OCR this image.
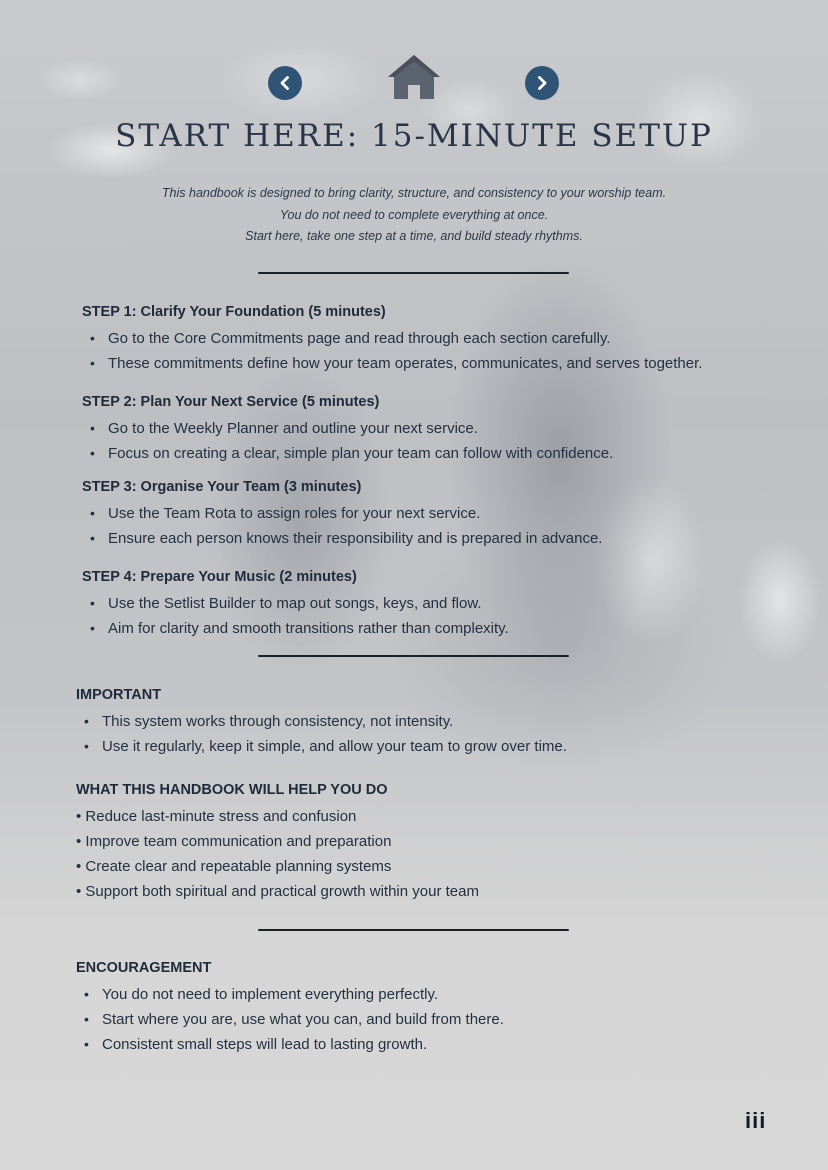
START HERE: 15-MINUTE SETUP
This handbook is designed to bring clarity, structure, and consistency to your worship team.
You do not need to complete everything at once.
Start here, take one step at a time, and build steady rhythms.
STEP 1: Clarify Your Foundation (5 minutes)
• Go to the Core Commitments page and read through each section carefully.
• These commitments define how your team operates, communicates, and serves together.
STEP 2: Plan Your Next Service (5 minutes)
• Go to the Weekly Planner and outline your next service.
• Focus on creating a clear, simple plan your team can follow with confidence.
STEP 3: Organise Your Team (3 minutes)
• Use the Team Rota to assign roles for your next service.
• Ensure each person knows their responsibility and is prepared in advance.
STEP 4: Prepare Your Music (2 minutes)
• Use the Setlist Builder to map out songs, keys, and flow.
• Aim for clarity and smooth transitions rather than complexity.
IMPORTANT
• This system works through consistency, not intensity.
• Use it regularly, keep it simple, and allow your team to grow over time.
WHAT THIS HANDBOOK WILL HELP YOU DO
• Reduce last-minute stress and confusion
• Improve team communication and preparation
• Create clear and repeatable planning systems
• Support both spiritual and practical growth within your team
ENCOURAGEMENT
• You do not need to implement everything perfectly.
• Start where you are, use what you can, and build from there.
• Consistent small steps will lead to lasting growth.
iii
